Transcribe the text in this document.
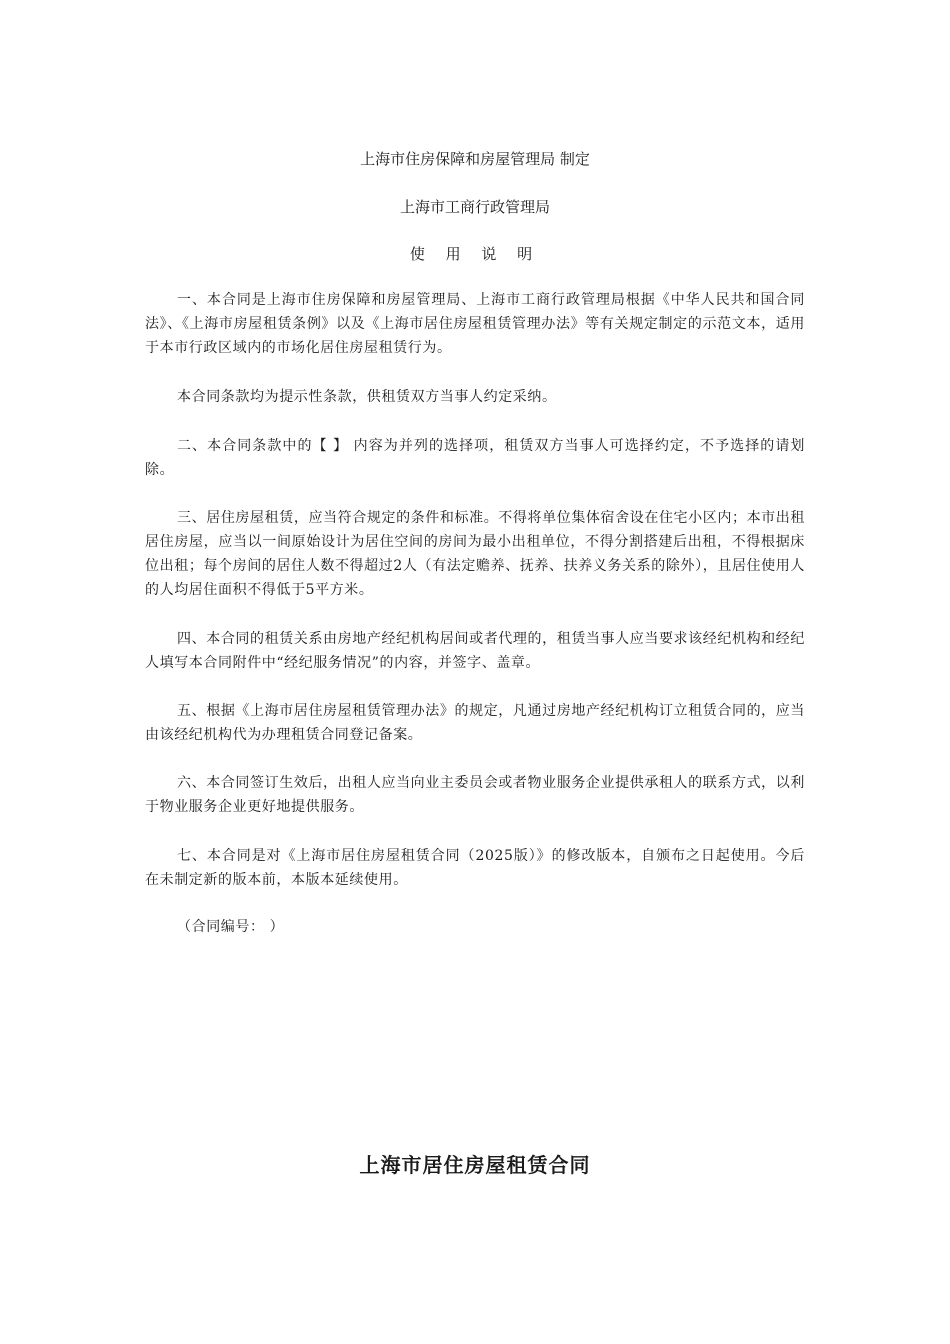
上海市住房保障和房屋管理局 制定
上海市工商行政管理局
使 用 说 明
一、本合同是上海市住房保障和房屋管理局、上海市工商行政管理局根据《中华人民共和国合同法》、《上海市房屋租赁条例》以及《上海市居住房屋租赁管理办法》等有关规定制定的示范文本，适用于本市行政区域内的市场化居住房屋租赁行为。
本合同条款均为提示性条款，供租赁双方当事人约定采纳。
二、本合同条款中的【 】 内容为并列的选择项，租赁双方当事人可选择约定，不予选择的请划除。
三、居住房屋租赁，应当符合规定的条件和标准。不得将单位集体宿舍设在住宅小区内；本市出租居住房屋，应当以一间原始设计为居住空间的房间为最小出租单位，不得分割搭建后出租，不得根据床位出租；每个房间的居住人数不得超过2人（有法定赡养、抚养、扶养义务关系的除外），且居住使用人的人均居住面积不得低于5平方米。
四、本合同的租赁关系由房地产经纪机构居间或者代理的，租赁当事人应当要求该经纪机构和经纪人填写本合同附件中“经纪服务情况”的内容，并签字、盖章。
五、根据《上海市居住房屋租赁管理办法》的规定，凡通过房地产经纪机构订立租赁合同的，应当由该经纪机构代为办理租赁合同登记备案。
六、本合同签订生效后，出租人应当向业主委员会或者物业服务企业提供承租人的联系方式，以利于物业服务企业更好地提供服务。
七、本合同是对《上海市居住房屋租赁合同（2025版）》的修改版本，自颁布之日起使用。今后在未制定新的版本前，本版本延续使用。
（合同编号： ）
上海市居住房屋租赁合同
